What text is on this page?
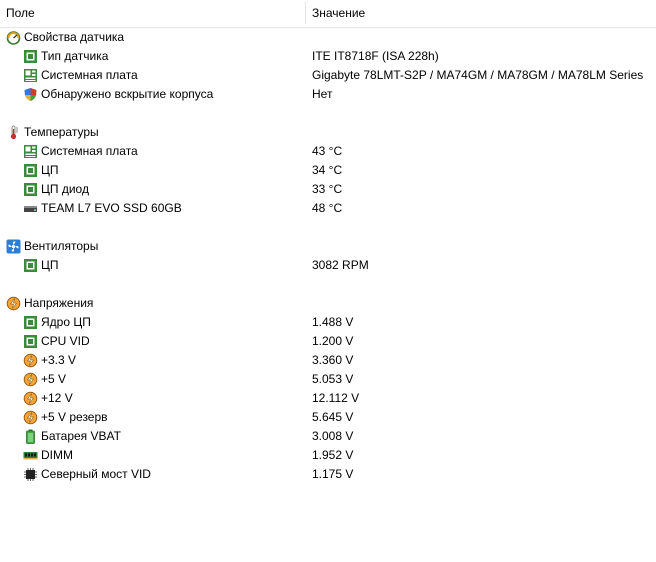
Поле	Значение
Свойства датчика
Тип датчика	ITE IT8718F (ISA 228h)
Системная плата	Gigabyte 78LMT-S2P / MA74GM / MA78GM / MA78LM Series
Обнаружено вскрытие корпуса	Нет
Температуры
Системная плата	43 °C
ЦП	34 °C
ЦП диод	33 °C
TEAM L7 EVO SSD 60GB	48 °C
Вентиляторы
ЦП	3082 RPM
Напряжения
Ядро ЦП	1.488 V
CPU VID	1.200 V
+3.3 V	3.360 V
+5 V	5.053 V
+12 V	12.112 V
+5 V резерв	5.645 V
Батарея VBAT	3.008 V
DIMM	1.952 V
Северный мост VID	1.175 V
